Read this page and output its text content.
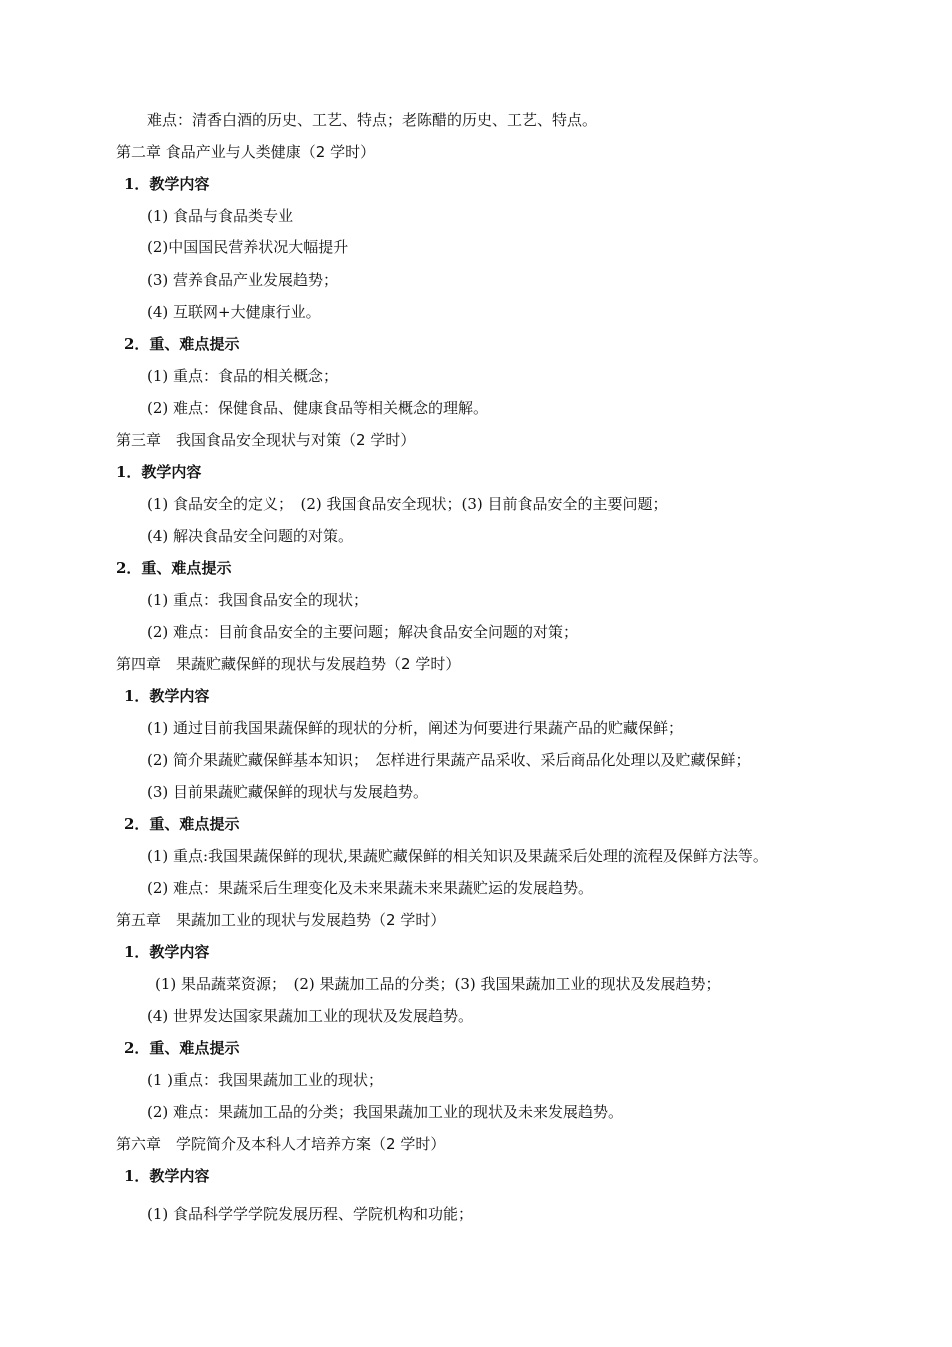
难点：清香白酒的历史、工艺、特点；老陈醋的历史、工艺、特点。
第二章 食品产业与人类健康（2 学时）
1．教学内容
(1) 食品与食品类专业
(2)中国国民营养状况大幅提升
(3) 营养食品产业发展趋势；
(4) 互联网+大健康行业。
2．重、难点提示
(1) 重点：食品的相关概念；
(2) 难点：保健食品、健康食品等相关概念的理解。
第三章　我国食品安全现状与对策（2 学时）
1．教学内容
(1) 食品安全的定义；　(2) 我国食品安全现状；(3) 目前食品安全的主要问题；
(4) 解决食品安全问题的对策。
2．重、难点提示
(1) 重点：我国食品安全的现状；
(2) 难点：目前食品安全的主要问题；解决食品安全问题的对策；
第四章　果蔬贮藏保鲜的现状与发展趋势（2 学时）
1．教学内容
(1) 通过目前我国果蔬保鲜的现状的分析，阐述为何要进行果蔬产品的贮藏保鲜；
(2) 简介果蔬贮藏保鲜基本知识；　怎样进行果蔬产品采收、采后商品化处理以及贮藏保鲜；
(3) 目前果蔬贮藏保鲜的现状与发展趋势。
2．重、难点提示
(1) 重点:我国果蔬保鲜的现状,果蔬贮藏保鲜的相关知识及果蔬采后处理的流程及保鲜方法等。
(2) 难点：果蔬采后生理变化及未来果蔬未来果蔬贮运的发展趋势。
第五章　果蔬加工业的现状与发展趋势（2 学时）
1．教学内容
(1) 果品蔬菜资源；　(2) 果蔬加工品的分类；(3) 我国果蔬加工业的现状及发展趋势；
(4) 世界发达国家果蔬加工业的现状及发展趋势。
2．重、难点提示
(1 )重点：我国果蔬加工业的现状；
(2) 难点：果蔬加工品的分类；我国果蔬加工业的现状及未来发展趋势。
第六章　学院简介及本科人才培养方案（2 学时）
1．教学内容
(1) 食品科学学学院发展历程、学院机构和功能；
